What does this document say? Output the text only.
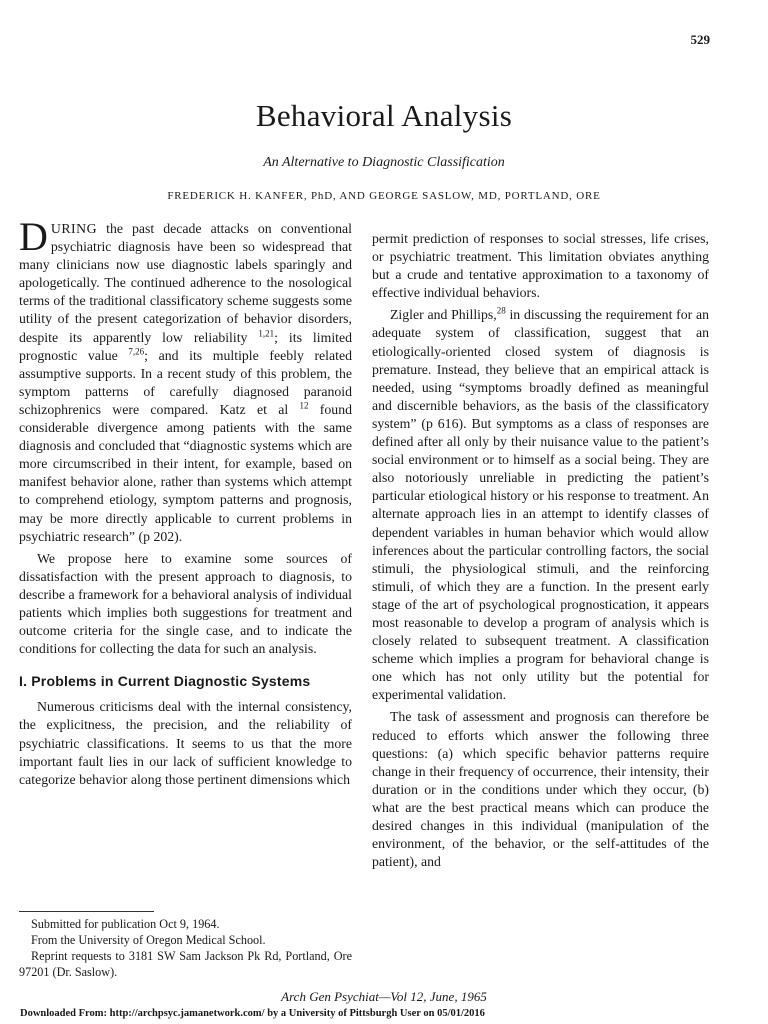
529
Behavioral Analysis
An Alternative to Diagnostic Classification
FREDERICK H. KANFER, PhD, AND GEORGE SASLOW, MD, PORTLAND, ORE

DURING the past decade attacks on conventional psychiatric diagnosis have been so widespread that many clinicians now use diagnostic labels sparingly and apologetically. The continued adherence to the nosological terms of the traditional classificatory scheme suggests some utility of the present categorization of behavior disorders, despite its apparently low reliability $^{1,21}$; its limited prognostic value $^{7,26}$; and its multiple feebly related assumptive supports. In a recent study of this problem, the symptom patterns of carefully diagnosed paranoid schizophrenics were compared. Katz et al $^{12}$ found considerable divergence among patients with the same diagnosis and concluded that “diagnostic systems which are more circumscribed in their intent, for example, based on manifest behavior alone, rather than systems which attempt to comprehend etiology, symptom patterns and prognosis, may be more directly applicable to current problems in psychiatric research” (p 202).

We propose here to examine some sources of dissatisfaction with the present approach to diagnosis, to describe a framework for a behavioral analysis of individual patients which implies both suggestions for treatment and outcome criteria for the single case, and to indicate the conditions for collecting the data for such an analysis.

I. Problems in Current Diagnostic Systems

Numerous criticisms deal with the internal consistency, the explicitness, the precision, and the reliability of psychiatric classifications. It seems to us that the more important fault lies in our lack of sufficient knowledge to categorize behavior along those pertinent dimensions which

Submitted for publication Oct 9, 1964.
From the University of Oregon Medical School.
Reprint requests to 3181 SW Sam Jackson Pk Rd, Portland, Ore 97201 (Dr. Saslow).

permit prediction of responses to social stresses, life crises, or psychiatric treatment. This limitation obviates anything but a crude and tentative approximation to a taxonomy of effective individual behaviors.

Zigler and Phillips,$^{28}$ in discussing the requirement for an adequate system of classification, suggest that an etiologically-oriented closed system of diagnosis is premature. Instead, they believe that an empirical attack is needed, using “symptoms broadly defined as meaningful and discernible behaviors, as the basis of the classificatory system” (p 616). But symptoms as a class of responses are defined after all only by their nuisance value to the patient’s social environment or to himself as a social being. They are also notoriously unreliable in predicting the patient’s particular etiological history or his response to treatment. An alternate approach lies in an attempt to identify classes of dependent variables in human behavior which would allow inferences about the particular controlling factors, the social stimuli, the physiological stimuli, and the reinforcing stimuli, of which they are a function. In the present early stage of the art of psychological prognostication, it appears most reasonable to develop a program of analysis which is closely related to subsequent treatment. A classification scheme which implies a program for behavioral change is one which has not only utility but the potential for experimental validation.

The task of assessment and prognosis can therefore be reduced to efforts which answer the following three questions: (a) which specific behavior patterns require change in their frequency of occurrence, their intensity, their duration or in the conditions under which they occur, (b) what are the best practical means which can produce the desired changes in this individual (manipulation of the environment, of the behavior, or the self-attitudes of the patient), and

Arch Gen Psychiat—Vol 12, June, 1965
Downloaded From: http://archpsyc.jamanetwork.com/ by a University of Pittsburgh User on 05/01/2016
